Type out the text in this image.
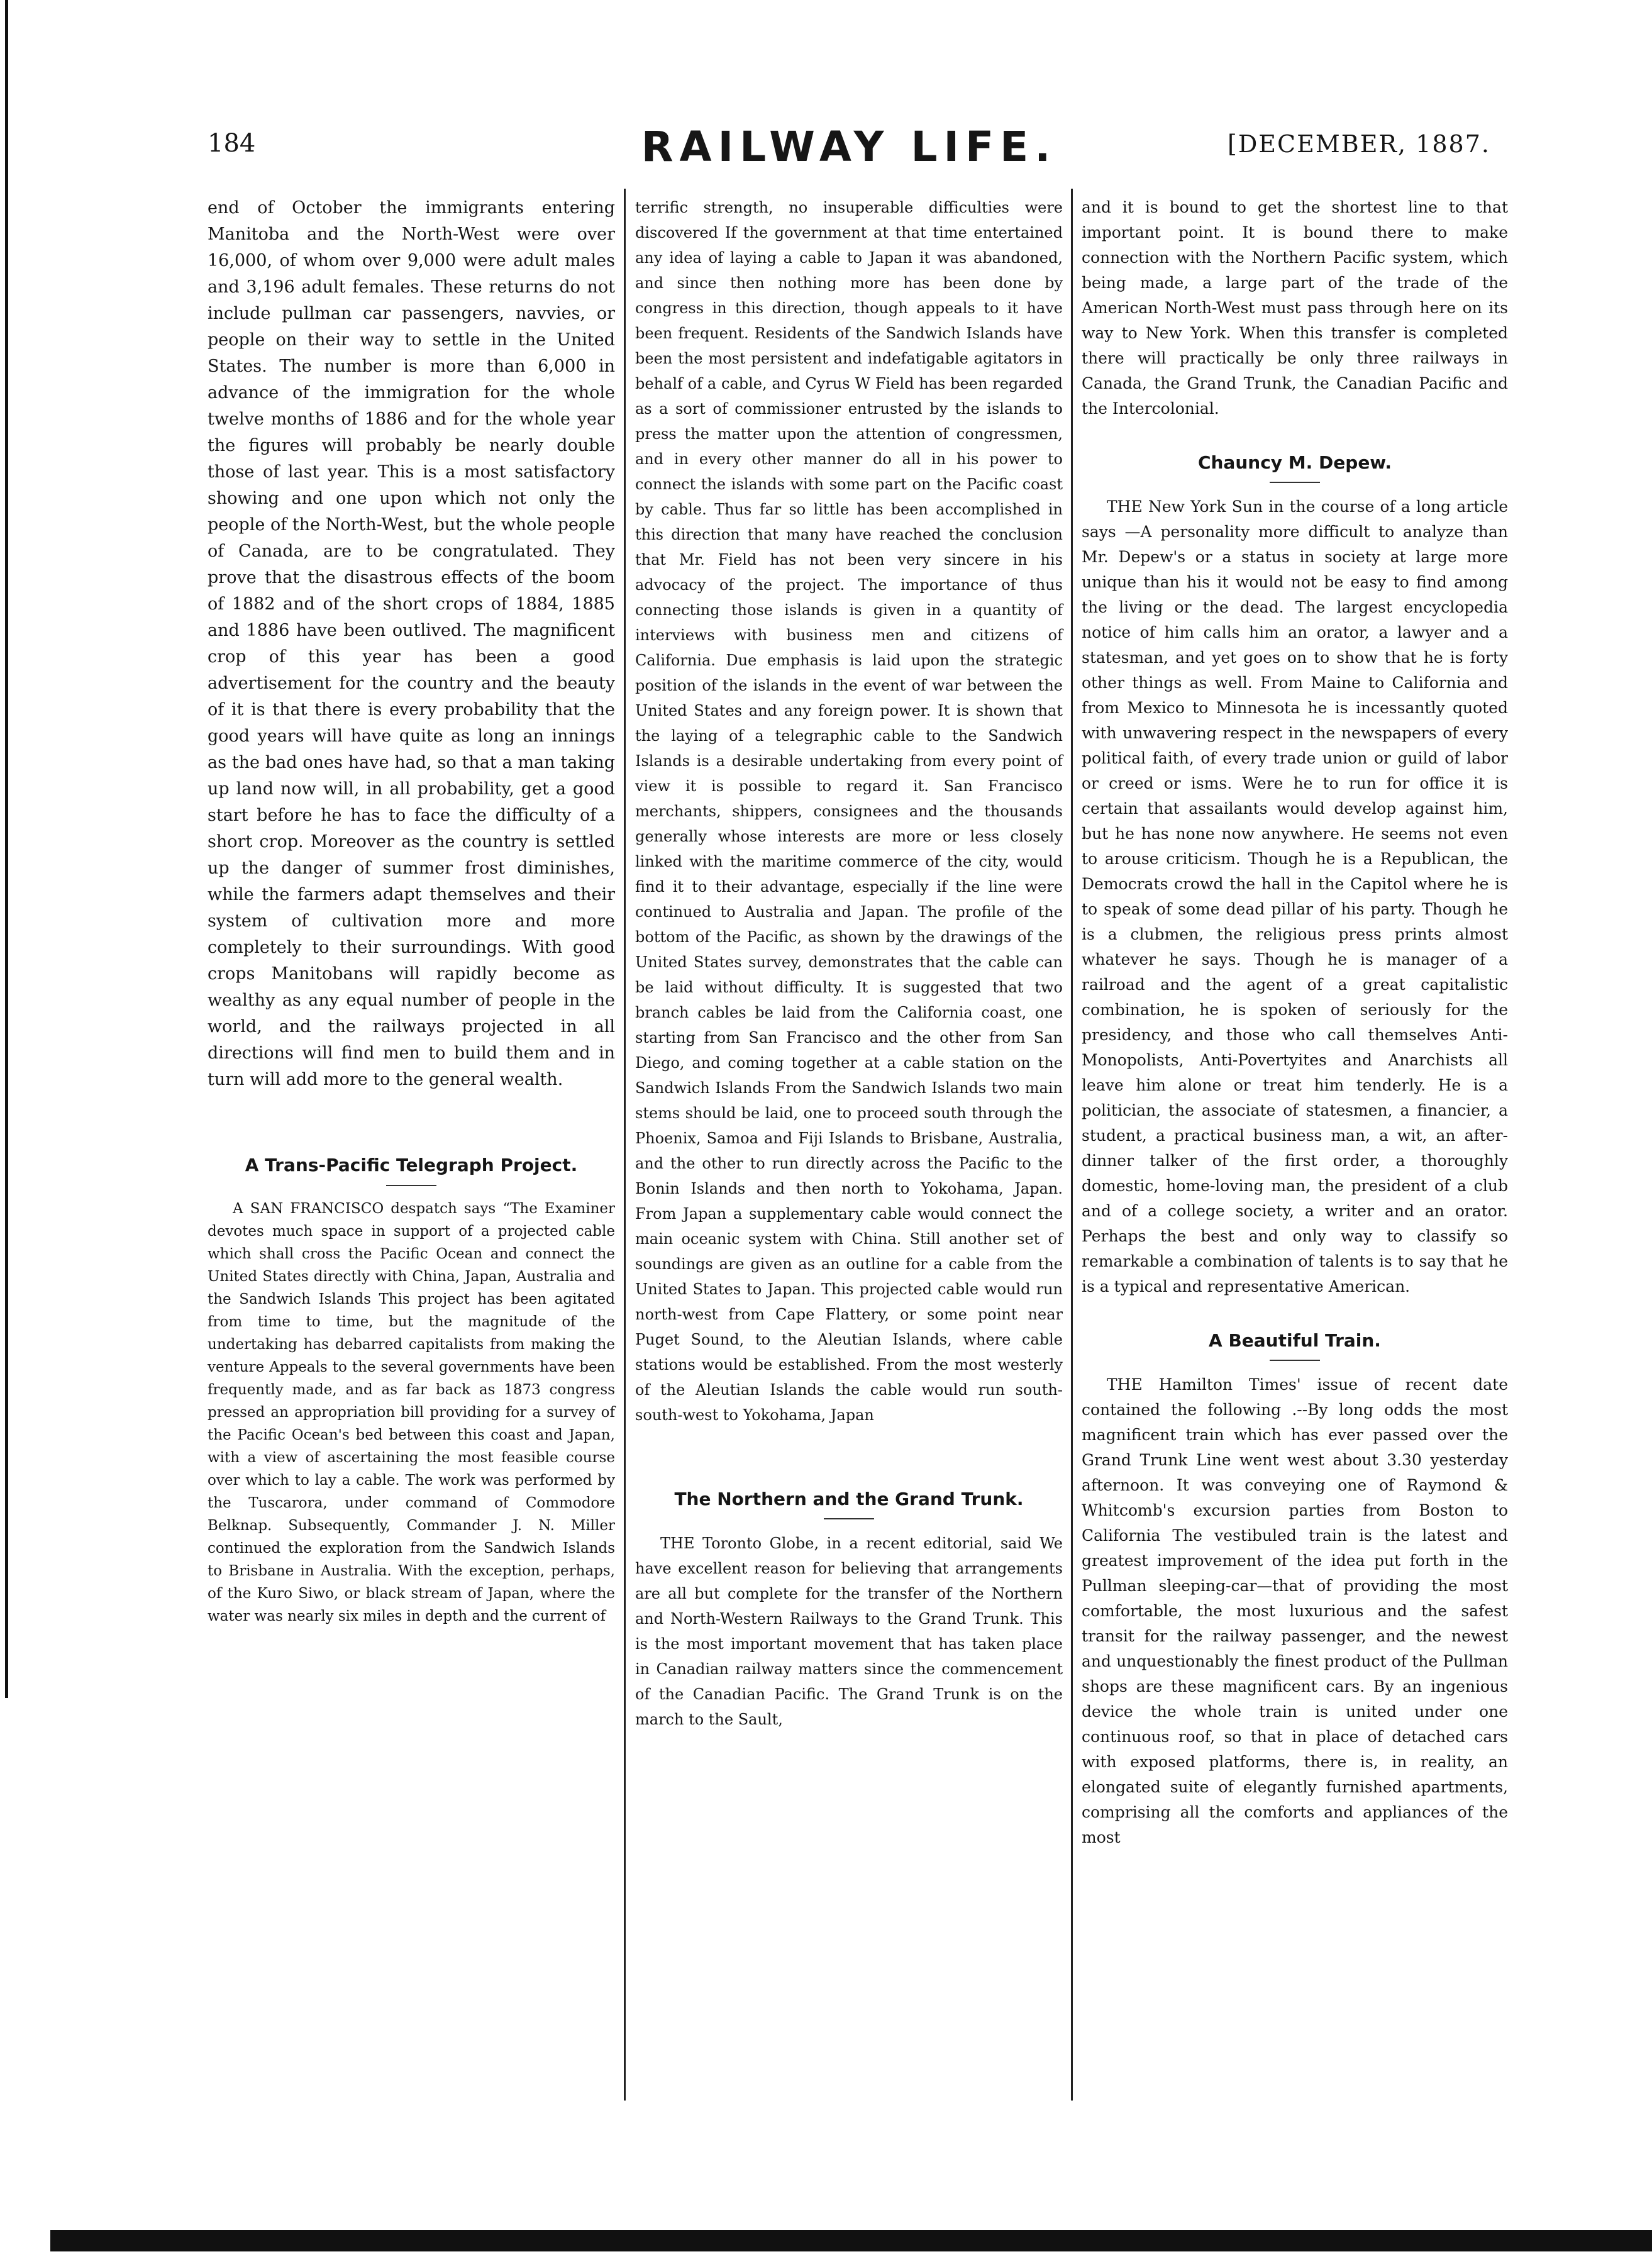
184	RAILWAY LIFE.	[DECEMBER, 1887.

end of October the immigrants entering Manitoba and the North-West were over 16,000, of whom over 9,000 were adult males and 3,196 adult females. These returns do not include pullman car passengers, navvies, or people on their way to settle in the United States. The number is more than 6,000 in advance of the immigration for the whole twelve months of 1886 and for the whole year the figures will probably be nearly double those of last year. This is a most satisfactory showing and one upon which not only the people of the North-West, but the whole people of Canada, are to be congratulated. They prove that the disastrous effects of the boom of 1882 and of the short crops of 1884, 1885 and 1886 have been outlived. The magnificent crop of this year has been a good advertisement for the country and the beauty of it is that there is every probability that the good years will have quite as long an innings as the bad ones have had, so that a man taking up land now will, in all probability, get a good start before he has to face the difficulty of a short crop. Moreover as the country is settled up the danger of summer frost diminishes, while the farmers adapt themselves and their system of cultivation more and more completely to their surroundings. With good crops Manitobans will rapidly become as wealthy as any equal number of people in the world, and the railways projected in all directions will find men to build them and in turn will add more to the general wealth.

A Trans-Pacific Telegraph Project.

A SAN FRANCISCO despatch says “The Examiner devotes much space in support of a projected cable which shall cross the Pacific Ocean and connect the United States directly with China, Japan, Australia and the Sandwich Islands This project has been agitated from time to time, but the magnitude of the undertaking has debarred capitalists from making the venture Appeals to the several governments have been frequently made, and as far back as 1873 congress pressed an appropriation bill providing for a survey of the Pacific Ocean's bed between this coast and Japan, with a view of ascertaining the most feasible course over which to lay a cable. The work was performed by the Tuscarora, under command of Commodore Belknap. Subsequently, Commander J. N. Miller continued the exploration from the Sandwich Islands to Brisbane in Australia. With the exception, perhaps, of the Kuro Siwo, or black stream of Japan, where the water was nearly six miles in depth and the current of

terrific strength, no insuperable difficulties were discovered If the government at that time entertained any idea of laying a cable to Japan it was abandoned, and since then nothing more has been done by congress in this direction, though appeals to it have been frequent. Residents of the Sandwich Islands have been the most persistent and indefatigable agitators in behalf of a cable, and Cyrus W Field has been regarded as a sort of commissioner entrusted by the islands to press the matter upon the attention of congressmen, and in every other manner do all in his power to connect the islands with some part on the Pacific coast by cable. Thus far so little has been accomplished in this direction that many have reached the conclusion that Mr. Field has not been very sincere in his advocacy of the project. The importance of thus connecting those islands is given in a quantity of interviews with business men and citizens of California. Due emphasis is laid upon the strategic position of the islands in the event of war between the United States and any foreign power. It is shown that the laying of a telegraphic cable to the Sandwich Islands is a desirable undertaking from every point of view it is possible to regard it. San Francisco merchants, shippers, consignees and the thousands generally whose interests are more or less closely linked with the maritime commerce of the city, would find it to their advantage, especially if the line were continued to Australia and Japan. The profile of the bottom of the Pacific, as shown by the drawings of the United States survey, demonstrates that the cable can be laid without difficulty. It is suggested that two branch cables be laid from the California coast, one starting from San Francisco and the other from San Diego, and coming together at a cable station on the Sandwich Islands From the Sandwich Islands two main stems should be laid, one to proceed south through the Phoenix, Samoa and Fiji Islands to Brisbane, Australia, and the other to run directly across the Pacific to the Bonin Islands and then north to Yokohama, Japan. From Japan a supplementary cable would connect the main oceanic system with China. Still another set of soundings are given as an outline for a cable from the United States to Japan. This projected cable would run north-west from Cape Flattery, or some point near Puget Sound, to the Aleutian Islands, where cable stations would be established. From the most westerly of the Aleutian Islands the cable would run south-south-west to Yokohama, Japan

The Northern and the Grand Trunk.

THE Toronto Globe, in a recent editorial, said We have excellent reason for believing that arrangements are all but complete for the transfer of the Northern and North-Western Railways to the Grand Trunk. This is the most important movement that has taken place in Canadian railway matters since the commencement of the Canadian Pacific. The Grand Trunk is on the march to the Sault,

and it is bound to get the shortest line to that important point. It is bound there to make connection with the Northern Pacific system, which being made, a large part of the trade of the American North-West must pass through here on its way to New York. When this transfer is completed there will practically be only three railways in Canada, the Grand Trunk, the Canadian Pacific and the Intercolonial.

Chauncy M. Depew.

THE New York Sun in the course of a long article says —A personality more difficult to analyze than Mr. Depew's or a status in society at large more unique than his it would not be easy to find among the living or the dead. The largest encyclopedia notice of him calls him an orator, a lawyer and a statesman, and yet goes on to show that he is forty other things as well. From Maine to California and from Mexico to Minnesota he is incessantly quoted with unwavering respect in the newspapers of every political faith, of every trade union or guild of labor or creed or isms. Were he to run for office it is certain that assailants would develop against him, but he has none now anywhere. He seems not even to arouse criticism. Though he is a Republican, the Democrats crowd the hall in the Capitol where he is to speak of some dead pillar of his party. Though he is a clubmen, the religious press prints almost whatever he says. Though he is manager of a railroad and the agent of a great capitalistic combination, he is spoken of seriously for the presidency, and those who call themselves Anti-Monopolists, Anti-Povertyites and Anarchists all leave him alone or treat him tenderly. He is a politician, the associate of statesmen, a financier, a student, a practical business man, a wit, an after-dinner talker of the first order, a thoroughly domestic, home-loving man, the president of a club and of a college society, a writer and an orator. Perhaps the best and only way to classify so remarkable a combination of talents is to say that he is a typical and representative American.

A Beautiful Train.

THE Hamilton Times' issue of recent date contained the following .--By long odds the most magnificent train which has ever passed over the Grand Trunk Line went west about 3.30 yesterday afternoon. It was conveying one of Raymond & Whitcomb's excursion parties from Boston to California The vestibuled train is the latest and greatest improvement of the idea put forth in the Pullman sleeping-car—that of providing the most comfortable, the most luxurious and the safest transit for the railway passenger, and the newest and unquestionably the finest product of the Pullman shops are these magnificent cars. By an ingenious device the whole train is united under one continuous roof, so that in place of detached cars with exposed platforms, there is, in reality, an elongated suite of elegantly furnished apartments, comprising all the comforts and appliances of the most
